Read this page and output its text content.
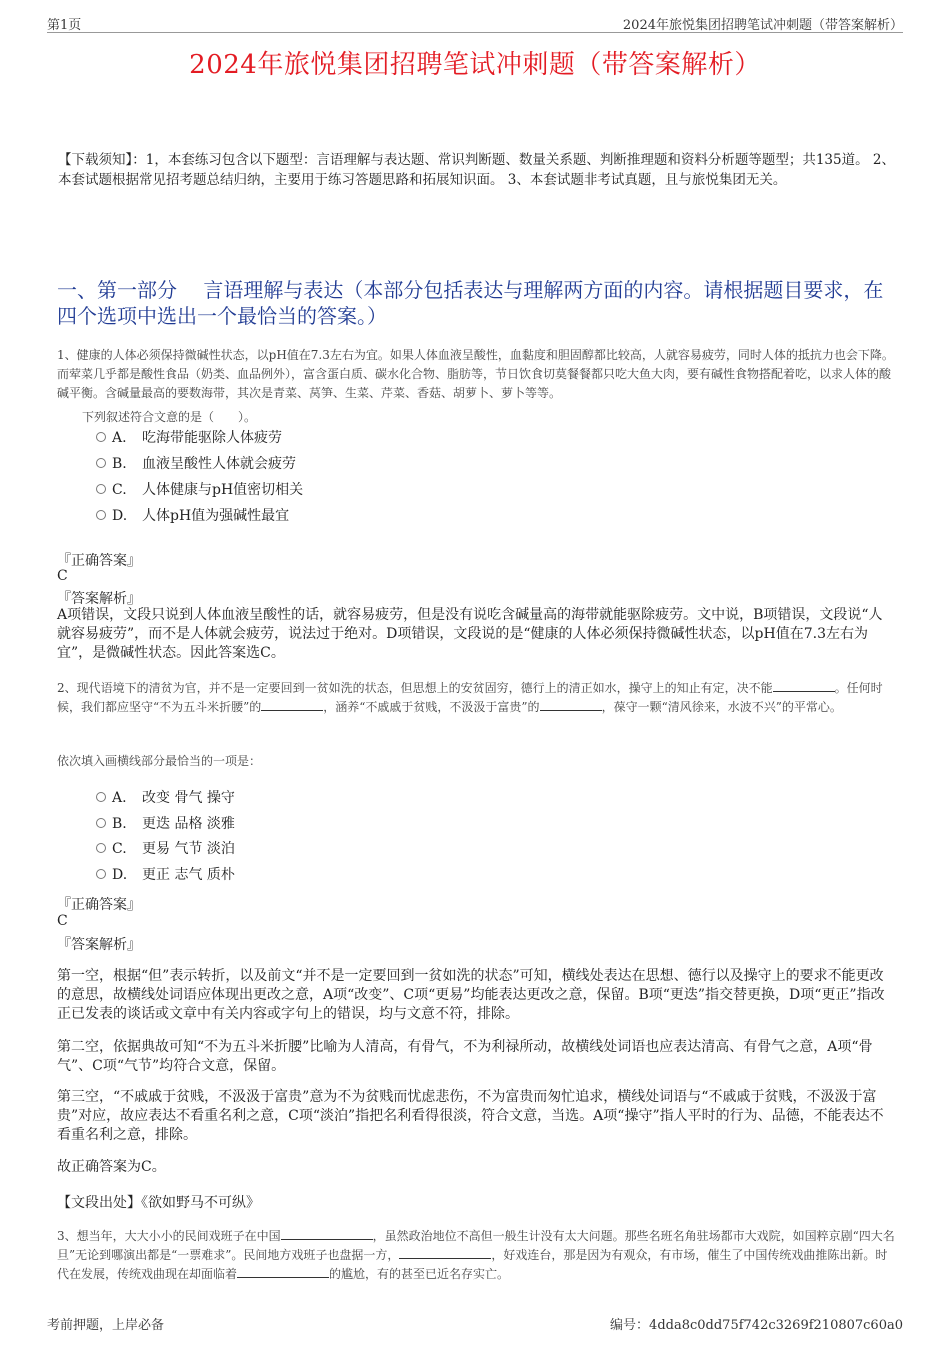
第1页	2024年旅悦集团招聘笔试冲刺题（带答案解析）
2024年旅悦集团招聘笔试冲刺题（带答案解析）
【下载须知】：1，本套练习包含以下题型：言语理解与表达题、常识判断题、数量关系题、判断推理题和资料分析题等题型；共135道。 2、本套试题根据常见招考题总结归纳，主要用于练习答题思路和拓展知识面。 3、本套试题非考试真题，且与旅悦集团无关。
一、第一部分　 言语理解与表达（本部分包括表达与理解两方面的内容。请根据题目要求，在四个选项中选出一个最恰当的答案。）
1、健康的人体必须保持微碱性状态，以pH值在7.3左右为宜。如果人体血液呈酸性，血黏度和胆固醇都比较高，人就容易疲劳，同时人体的抵抗力也会下降。而荤菜几乎都是酸性食品（奶类、血品例外），富含蛋白质、碳水化合物、脂肪等，节日饮食切莫餐餐都只吃大鱼大肉，要有碱性食物搭配着吃，以求人体的酸碱平衡。含碱量最高的要数海带，其次是青菜、莴笋、生菜、芹菜、香菇、胡萝卜、萝卜等等。
下列叙述符合文意的是（　　）。
A. 吃海带能驱除人体疲劳
B. 血液呈酸性人体就会疲劳
C. 人体健康与pH值密切相关
D. 人体pH值为强碱性最宜
『正确答案』
C
『答案解析』
A项错误，文段只说到人体血液呈酸性的话，就容易疲劳，但是没有说吃含碱量高的海带就能驱除疲劳。文中说，B项错误，文段说“人就容易疲劳”，而不是人体就会疲劳，说法过于绝对。D项错误，文段说的是“健康的人体必须保持微碱性状态，以pH值在7.3左右为宜”，是微碱性状态。因此答案选C。
2、现代语境下的清贫为官，并不是一定要回到一贫如洗的状态，但思想上的安贫固穷，德行上的清正如水，操守上的知止有定，决不能	。任何时候，我们都应坚守“不为五斗米折腰”的	，涵养“不戚戚于贫贱，不汲汲于富贵”的	，葆守一颗“清风徐来，水波不兴”的平常心。
依次填入画横线部分最恰当的一项是：
A. 改变 骨气 操守
B. 更迭 品格 淡雅
C. 更易 气节 淡泊
D. 更正 志气 质朴
『正确答案』
C
『答案解析』
第一空，根据“但”表示转折，以及前文“并不是一定要回到一贫如洗的状态”可知，横线处表达在思想、德行以及操守上的要求不能更改的意思，故横线处词语应体现出更改之意，A项“改变”、C项“更易”均能表达更改之意，保留。B项“更迭”指交替更换，D项“更正”指改正已发表的谈话或文章中有关内容或字句上的错误，均与文意不符，排除。
第二空，依据典故可知“不为五斗米折腰”比喻为人清高，有骨气，不为利禄所动，故横线处词语也应表达清高、有骨气之意，A项“骨气”、C项“气节”均符合文意，保留。
第三空，“不戚戚于贫贱，不汲汲于富贵”意为不为贫贱而忧虑悲伤，不为富贵而匆忙追求，横线处词语与“不戚戚于贫贱，不汲汲于富贵”对应，故应表达不看重名利之意，C项“淡泊”指把名利看得很淡，符合文意，当选。A项“操守”指人平时的行为、品德，不能表达不看重名利之意，排除。
故正确答案为C。
【文段出处】《欲如野马不可纵》
3、想当年，大大小小的民间戏班子在中国	，虽然政治地位不高但一般生计没有太大问题。那些名班名角驻场都市大戏院，如国粹京剧“四大名旦”无论到哪演出都是“一票难求”。民间地方戏班子也盘据一方，	，好戏连台，那是因为有观众，有市场，催生了中国传统戏曲推陈出新。时代在发展，传统戏曲现在却面临着	的尴尬，有的甚至已近名存实亡。
考前押题，上岸必备	编号：4dda8c0dd75f742c3269f210807c60a0
